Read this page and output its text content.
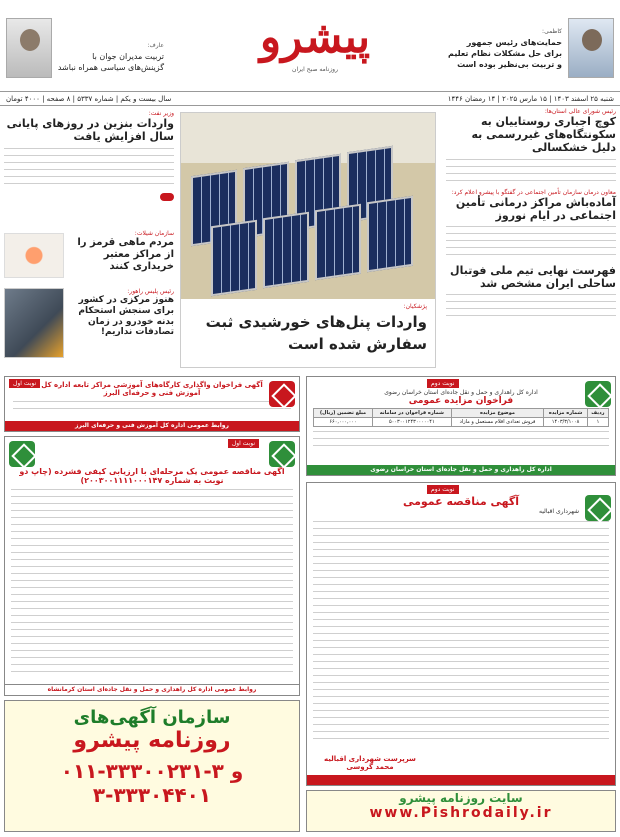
عارف:
تربیت مدیران جوان با گزینش‌های سیاسی همراه نباشد
پیشرو
روزنامه صبح ایران
کاظمی:
حمایت‌های رئیس جمهور برای حل مشکلات نظام تعلیم و تربیت بی‌نظیر بوده است
شنبه ۲۵ اسفند ۱۴۰۳ | ۱۵ مارس ۲۰۲۵ | ۱۴ رمضان ۱۴۴۶
سال بیست و یکم | شماره ۵۳۳۷ | ۸ صفحه | ۴۰۰۰ تومان
وزیر نفت:
واردات بنزین در روزهای پایانی سال افزایش یافت
سازمان شیلات:
مردم ماهی قرمز را از مراکز معتبر خریداری کنند
رئیس پلیس راهور:
هنوز مرکزی در کشور برای سنجش استحکام بدنه خودرو در زمان تصادفات نداریم!
پژشکیان:
واردات پنل‌های خورشیدی ثبت سفارش شده است
رئیس شورای عالی استان‌ها:
کوچ اجباری روستاییان به سکونتگاه‌های غیررسمی به دلیل خشکسالی
معاون درمان سازمان تأمین اجتماعی در گفتگو با پیشرو اعلام کرد:
آماده‌باش مراکز درمانی تأمین اجتماعی در ایام نوروز
فهرست نهایی تیم ملی فوتبال ساحلی ایران مشخص شد
نوبت اول آگهی فراخوان واگذاری کارگاه‌های آموزشی مراکز تابعه اداره کل آموزش فنی و حرفه‌ای البرز
روابط عمومی اداره کل آموزش فنی و حرفه‌ای البرز
نوبت دوم
اداره کل راهداری و حمل و نقل جاده‌ای استان خراسان رضوی
فراخوان مزایده عمومی
ردیف	شماره مزایده	موضوع مزایده	شماره فراخوان در سامانه	مبلغ تضمین (ریال)
۱	۱۴۰۳/۳/۱۰۰۸	فروش تعدادی اقلام مستعمل و مازاد	۵۰۰۳۰۰۱۲۴۳۰۰۰۰۰۴۱	۶۶۰,۰۰۰,۰۰۰
اداره کل راهداری و حمل و نقل جاده‌ای استان خراسان رضوی
نوبت اول
آگهی مناقصه عمومی یک مرحله‌ای با ارزیابی کیفی فشرده (چاپ دو نوبت به شماره ۲۰۰۳۰۰۱۱۱۱۰۰۰۱۴۷)
روابط عمومی اداره کل راهداری و حمل و نقل جاده‌ای استان کرمانشاه
نوبت دوم
آگهی مناقصه عمومی
شهرداری اقبالیه
سرپرست شهرداری اقبالیه محمد گروسی

سازمان آگهی‌های
روزنامه پیشرو
۰۱۱-۳۳۳۰۰۲۳۱-۳ و ۳۳۳۰۴۴۰۱-۳	سایت روزنامه پیشرو
www.Pishrodaily.ir
